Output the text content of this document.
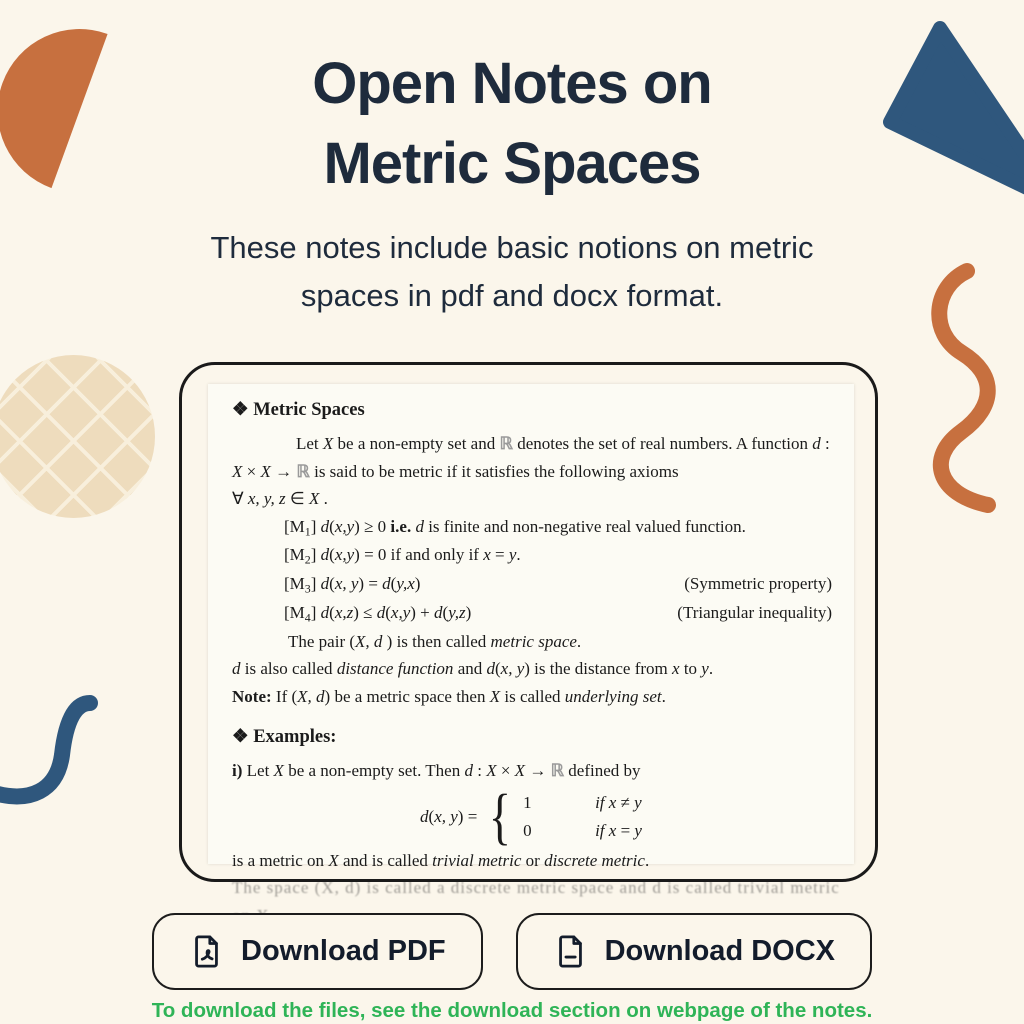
Open Notes on
Metric Spaces

These notes include basic notions on metric
spaces in pdf and docx format.

❖ Metric Spaces
Let X be a non-empty set and ℝ denotes the set of real numbers. A function d : X × X → ℝ is said to be metric if it satisfies the following axioms
∀ x, y, z ∈ X .
$[M_1] d(x,y) \ge 0$ i.e. d is finite and non-negative real valued function.
$[M_2] d(x,y) = 0$ if and only if x = y.
$[M_3]$ d(x, y) = d(y,x)	(Symmetric property)
$[M_4] d(x,z) \le d(x,y) + d(y,z)$	(Triangular inequality)
The pair (X, d ) is then called metric space.
d is also called distance function and d(x, y) is the distance from x to y.
Note: If (X, d) be a metric space then X is called underlying set.
❖ Examples:
i) Let X be a non-empty set. Then d : X × X → ℝ defined by
d(x, y) = { 1	if x ≠ y
0	if x = y
is a metric on X and is called trivial metric or discrete metric.
The space (X, d) is called a discrete metric space and d is called trivial metric
Download PDF	Download DOCX
To download the files, see the download section on webpage of the notes.
